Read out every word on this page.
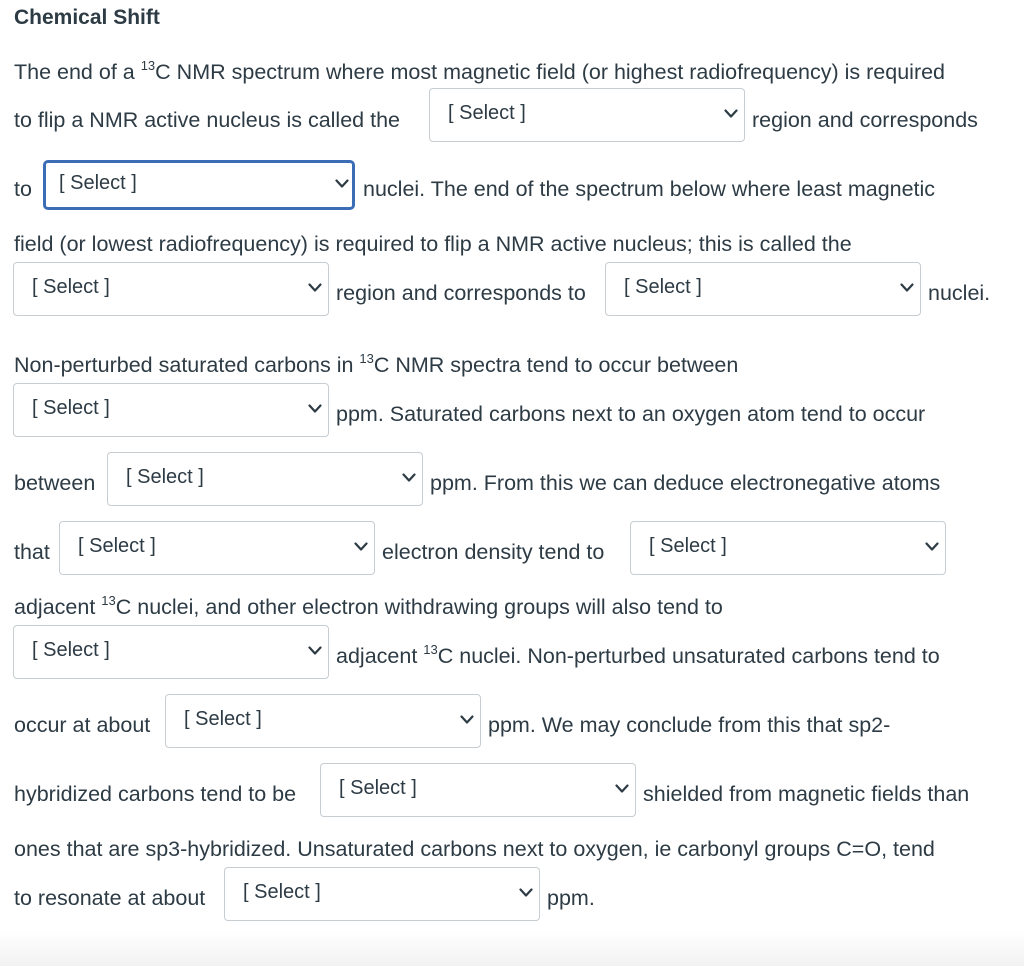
Chemical Shift
The end of a $^{13}$C NMR spectrum where most magnetic field (or highest radiofrequency) is required
to flip a NMR active nucleus is called the [ Select ]	region and corresponds
to [ Select ]	nuclei. The end of the spectrum below where least magnetic
field (or lowest radiofrequency) is required to flip a NMR active nucleus; this is called the
[ Select ]	region and corresponds to [ Select ]	nuclei.
Non-perturbed saturated carbons in $^{13}$C NMR spectra tend to occur between
[ Select ]	ppm. Saturated carbons next to an oxygen atom tend to occur
between [ Select ]	ppm. From this we can deduce electronegative atoms
that [ Select ]	electron density tend to [ Select ]
adjacent $^{13}$C nuclei, and other electron withdrawing groups will also tend to
[ Select ]	adjacent $^{13}$C nuclei. Non-perturbed unsaturated carbons tend to
occur at about [ Select ]	ppm. We may conclude from this that sp2-
hybridized carbons tend to be [ Select ]	shielded from magnetic fields than
ones that are sp3-hybridized. Unsaturated carbons next to oxygen, ie carbonyl groups C=O, tend
to resonate at about [ Select ]	ppm.
